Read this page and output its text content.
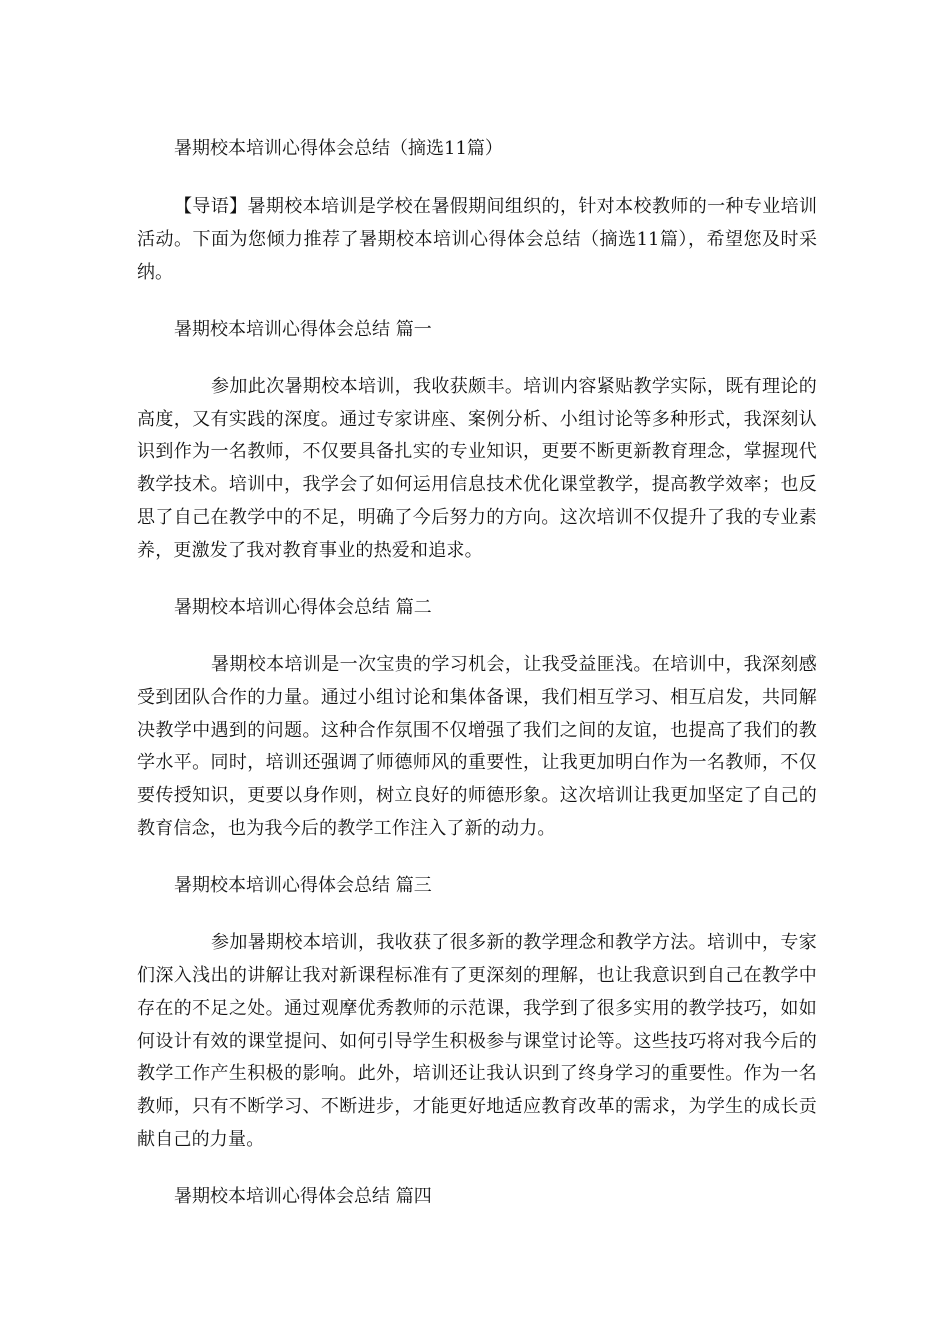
暑期校本培训心得体会总结（摘选11篇）

【导语】暑期校本培训是学校在暑假期间组织的，针对本校教师的一种专业培训活动。下面为您倾力推荐了暑期校本培训心得体会总结（摘选11篇），希望您及时采纳。

暑期校本培训心得体会总结 篇一

参加此次暑期校本培训，我收获颇丰。培训内容紧贴教学实际，既有理论的高度，又有实践的深度。通过专家讲座、案例分析、小组讨论等多种形式，我深刻认识到作为一名教师，不仅要具备扎实的专业知识，更要不断更新教育理念，掌握现代教学技术。培训中，我学会了如何运用信息技术优化课堂教学，提高教学效率；也反思了自己在教学中的不足，明确了今后努力的方向。这次培训不仅提升了我的专业素养，更激发了我对教育事业的热爱和追求。

暑期校本培训心得体会总结 篇二

暑期校本培训是一次宝贵的学习机会，让我受益匪浅。在培训中，我深刻感受到团队合作的力量。通过小组讨论和集体备课，我们相互学习、相互启发，共同解决教学中遇到的问题。这种合作氛围不仅增强了我们之间的友谊，也提高了我们的教学水平。同时，培训还强调了师德师风的重要性，让我更加明白作为一名教师，不仅要传授知识，更要以身作则，树立良好的师德形象。这次培训让我更加坚定了自己的教育信念，也为我今后的教学工作注入了新的动力。

暑期校本培训心得体会总结 篇三

参加暑期校本培训，我收获了很多新的教学理念和教学方法。培训中，专家们深入浅出的讲解让我对新课程标准有了更深刻的理解，也让我意识到自己在教学中存在的不足之处。通过观摩优秀教师的示范课，我学到了很多实用的教学技巧，如如何设计有效的课堂提问、如何引导学生积极参与课堂讨论等。这些技巧将对我今后的教学工作产生积极的影响。此外，培训还让我认识到了终身学习的重要性。作为一名教师，只有不断学习、不断进步，才能更好地适应教育改革的需求，为学生的成长贡献自己的力量。

暑期校本培训心得体会总结 篇四
